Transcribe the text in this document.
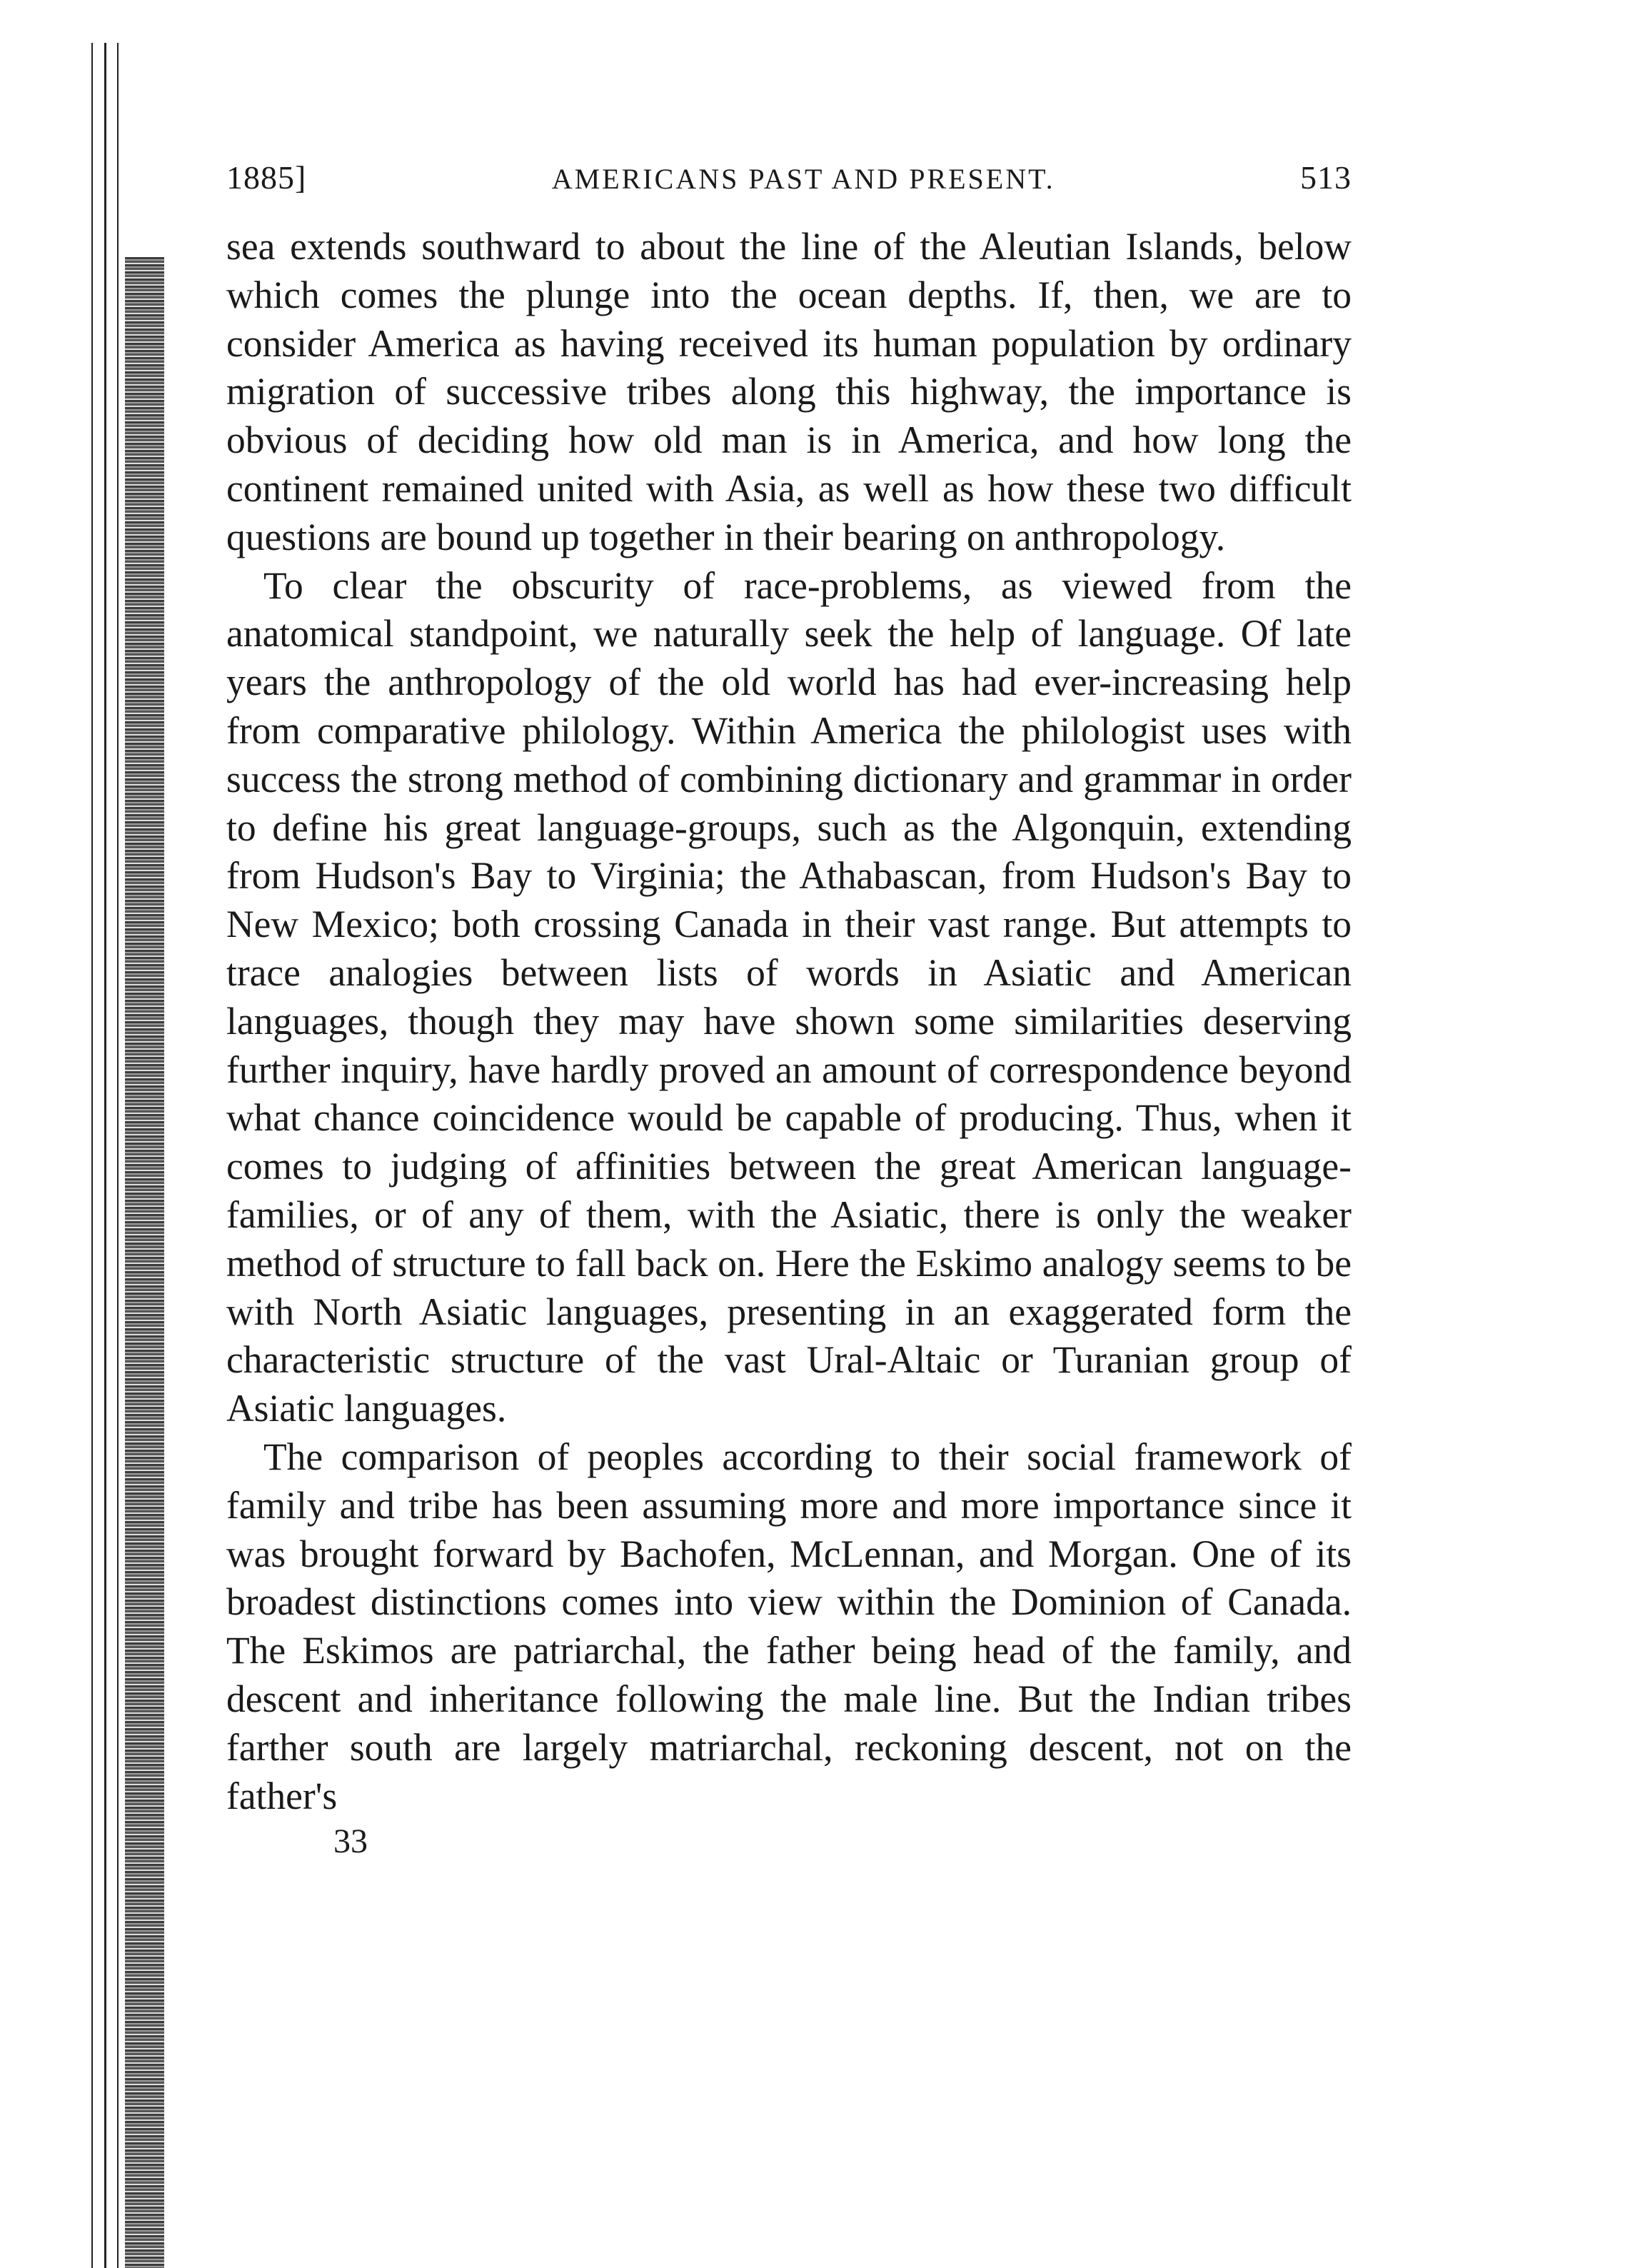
1885]	AMERICANS PAST AND PRESENT.	513

sea extends southward to about the line of the Aleutian Islands, below which comes the plunge into the ocean depths. If, then, we are to consider America as having received its human population by ordinary migration of successive tribes along this highway, the importance is obvious of deciding how old man is in America, and how long the continent remained united with Asia, as well as how these two difficult questions are bound up together in their bearing on anthropology.

To clear the obscurity of race-problems, as viewed from the anatomical standpoint, we naturally seek the help of language. Of late years the anthropology of the old world has had ever-increasing help from comparative philology. Within America the philologist uses with success the strong method of combining dictionary and grammar in order to define his great language-groups, such as the Algonquin, extending from Hudson's Bay to Virginia; the Athabascan, from Hudson's Bay to New Mexico; both crossing Canada in their vast range. But attempts to trace analogies between lists of words in Asiatic and American languages, though they may have shown some similarities deserving further inquiry, have hardly proved an amount of correspondence beyond what chance coincidence would be capable of producing. Thus, when it comes to judging of affinities between the great American language-families, or of any of them, with the Asiatic, there is only the weaker method of structure to fall back on. Here the Eskimo analogy seems to be with North Asiatic languages, presenting in an exaggerated form the characteristic structure of the vast Ural-Altaic or Turanian group of Asiatic languages.

The comparison of peoples according to their social framework of family and tribe has been assuming more and more importance since it was brought forward by Bachofen, McLennan, and Morgan. One of its broadest distinctions comes into view within the Dominion of Canada. The Eskimos are patriarchal, the father being head of the family, and descent and inheritance following the male line. But the Indian tribes farther south are largely matriarchal, reckoning descent, not on the father's

33
